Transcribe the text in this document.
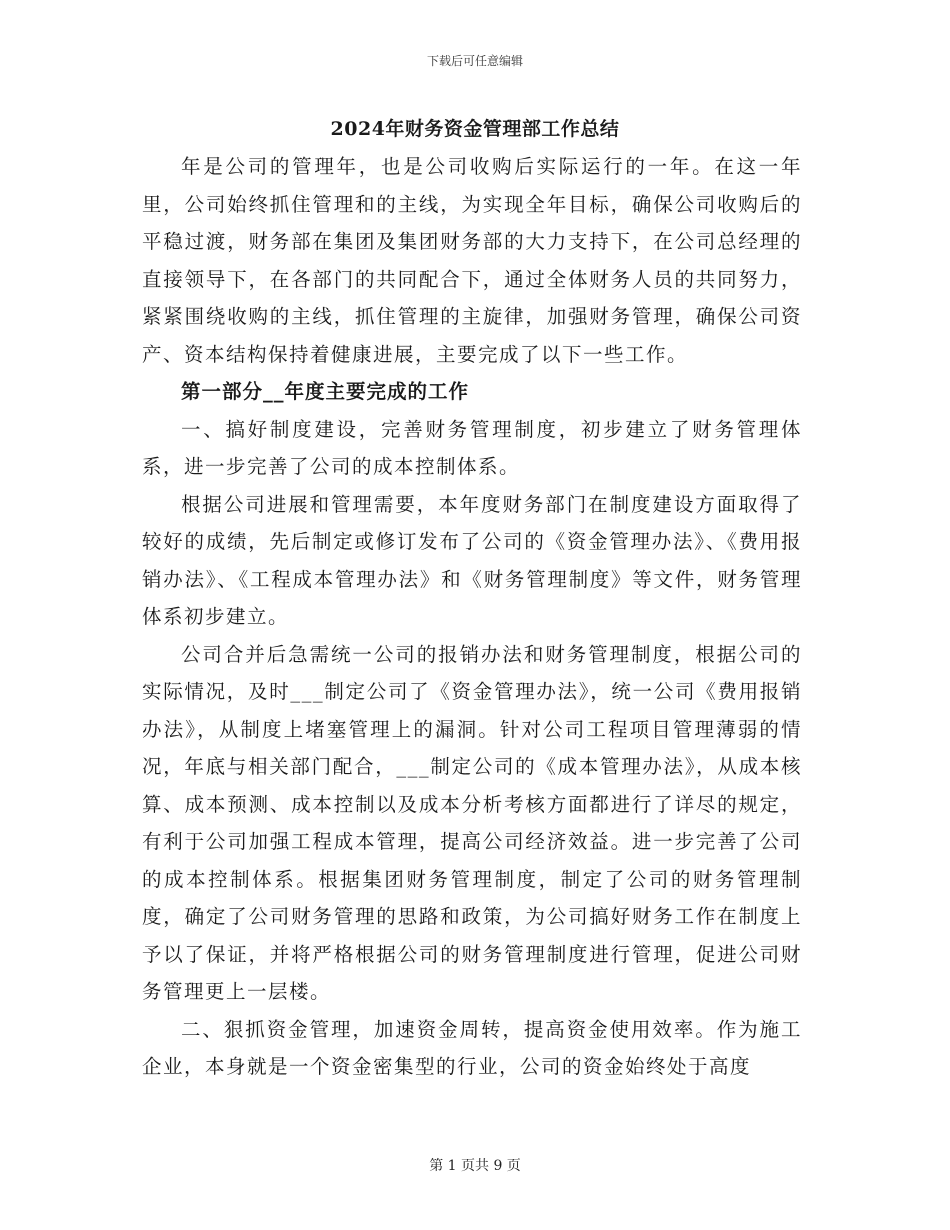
下载后可任意编辑
2024年财务资金管理部工作总结

年是公司的管理年，也是公司收购后实际运行的一年。在这一年里，公司始终抓住管理和的主线，为实现全年目标，确保公司收购后的平稳过渡，财务部在集团及集团财务部的大力支持下，在公司总经理的直接领导下，在各部门的共同配合下，通过全体财务人员的共同努力，紧紧围绕收购的主线，抓住管理的主旋律，加强财务管理，确保公司资产、资本结构保持着健康进展，主要完成了以下一些工作。

第一部分__年度主要完成的工作

一、搞好制度建设，完善财务管理制度，初步建立了财务管理体系，进一步完善了公司的成本控制体系。

根据公司进展和管理需要，本年度财务部门在制度建设方面取得了较好的成绩，先后制定或修订发布了公司的《资金管理办法》、《费用报销办法》、《工程成本管理办法》和《财务管理制度》等文件，财务管理体系初步建立。

公司合并后急需统一公司的报销办法和财务管理制度，根据公司的实际情况，及时___制定公司了《资金管理办法》，统一公司《费用报销办法》，从制度上堵塞管理上的漏洞。针对公司工程项目管理薄弱的情况，年底与相关部门配合，___制定公司的《成本管理办法》，从成本核算、成本预测、成本控制以及成本分析考核方面都进行了详尽的规定，有利于公司加强工程成本管理，提高公司经济效益。进一步完善了公司的成本控制体系。根据集团财务管理制度，制定了公司的财务管理制度，确定了公司财务管理的思路和政策，为公司搞好财务工作在制度上予以了保证，并将严格根据公司的财务管理制度进行管理，促进公司财务管理更上一层楼。

二、狠抓资金管理，加速资金周转，提高资金使用效率。作为施工企业，本身就是一个资金密集型的行业，公司的资金始终处于高度

第 1 页共 9 页
